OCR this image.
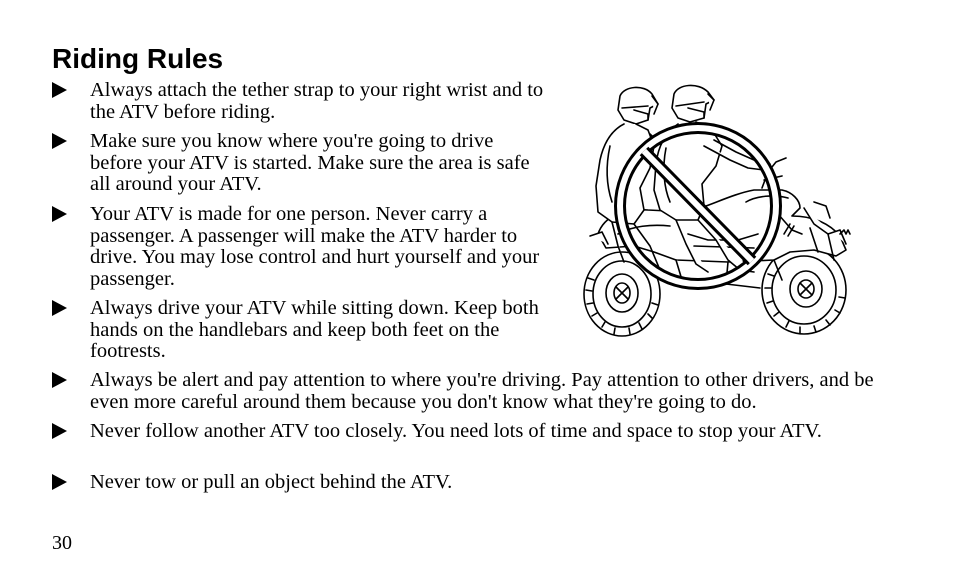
Riding Rules
Always attach the tether strap to your right wrist and to the ATV before riding.
Make sure you know where you're going to drive before your ATV is started. Make sure the area is safe all around your ATV.
Your ATV is made for one person. Never carry a passenger. A passenger will make the ATV harder to drive. You may lose control and hurt yourself and your passenger.
Always drive your ATV while sitting down. Keep both hands on the handlebars and keep both feet on the footrests.
Always be alert and pay attention to where you're driving. Pay attention to other drivers, and be even more careful around them because you don't know what they're going to do.
Never follow another ATV too closely. You need lots of time and space to stop your ATV.
Never tow or pull an object behind the ATV.
30
